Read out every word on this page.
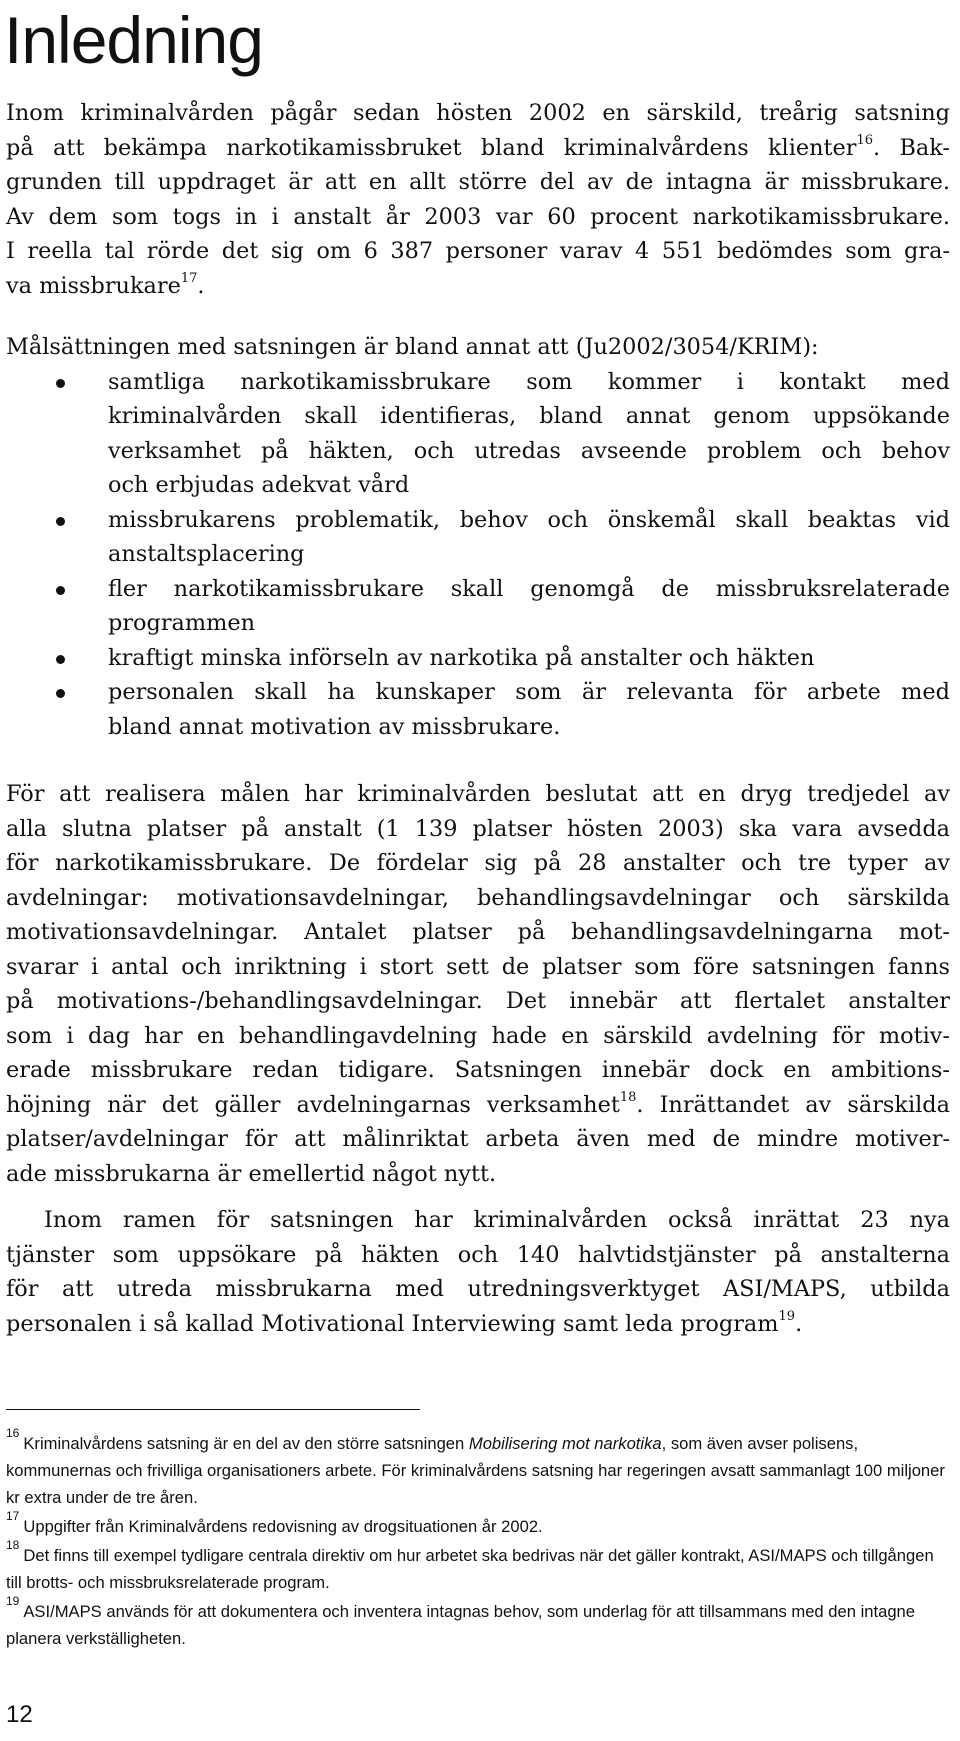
Inledning
Inom kriminalvården pågår sedan hösten 2002 en särskild, treårig satsning
på att bekämpa narkotikamissbruket bland kriminalvårdens klienter$^{16}$. Bak-
grunden till uppdraget är att en allt större del av de intagna är missbrukare.
Av dem som togs in i anstalt år 2003 var 60 procent narkotikamissbrukare.
I reella tal rörde det sig om 6 387 personer varav 4 551 bedömdes som gra-
va missbrukare$^{17}$.
Målsättningen med satsningen är bland annat att (Ju2002/3054/KRIM):
samtliga narkotikamissbrukare som kommer i kontakt med
kriminalvården skall identifieras, bland annat genom uppsökande
verksamhet på häkten, och utredas avseende problem och behov
och erbjudas adekvat vård
missbrukarens problematik, behov och önskemål skall beaktas vid
anstaltsplacering
fler narkotikamissbrukare skall genomgå de missbruksrelaterade
programmen
kraftigt minska införseln av narkotika på anstalter och häkten
personalen skall ha kunskaper som är relevanta för arbete med
bland annat motivation av missbrukare.
För att realisera målen har kriminalvården beslutat att en dryg tredjedel av
alla slutna platser på anstalt (1 139 platser hösten 2003) ska vara avsedda
för narkotikamissbrukare. De fördelar sig på 28 anstalter och tre typer av
avdelningar: motivationsavdelningar, behandlingsavdelningar och särskilda
motivationsavdelningar. Antalet platser på behandlingsavdelningarna mot-
svarar i antal och inriktning i stort sett de platser som före satsningen fanns
på motivations-/behandlingsavdelningar. Det innebär att flertalet anstalter
som i dag har en behandlingavdelning hade en särskild avdelning för motiv-
erade missbrukare redan tidigare. Satsningen innebär dock en ambitions-
höjning när det gäller avdelningarnas verksamhet$^{18}$. Inrättandet av särskilda
platser/avdelningar för att målinriktat arbeta även med de mindre motiver-
ade missbrukarna är emellertid något nytt.
Inom ramen för satsningen har kriminalvården också inrättat 23 nya
tjänster som uppsökare på häkten och 140 halvtidstjänster på anstalterna
för att utreda missbrukarna med utredningsverktyget ASI/MAPS, utbilda
personalen i så kallad Motivational Interviewing samt leda program$^{19}$.

$^{16}$Kriminalvårdens satsning är en del av den större satsningen Mobilisering mot narkotika, som även avser polisens, kommunernas och frivilliga organisationers arbete. För kriminalvårdens satsning har regeringen avsatt sammanlagt 100 miljoner kr extra under de tre åren.

$^{17}$Uppgifter från Kriminalvårdens redovisning av drogsituationen år 2002.

$^{18}$Det finns till exempel tydligare centrala direktiv om hur arbetet ska bedrivas när det gäller kontrakt, ASI/MAPS och tillgången till brotts- och missbruksrelaterade program.

$^{19}$ASI/MAPS används för att dokumentera och inventera intagnas behov, som underlag för att tillsammans med den intagne planera verkställigheten.

12
